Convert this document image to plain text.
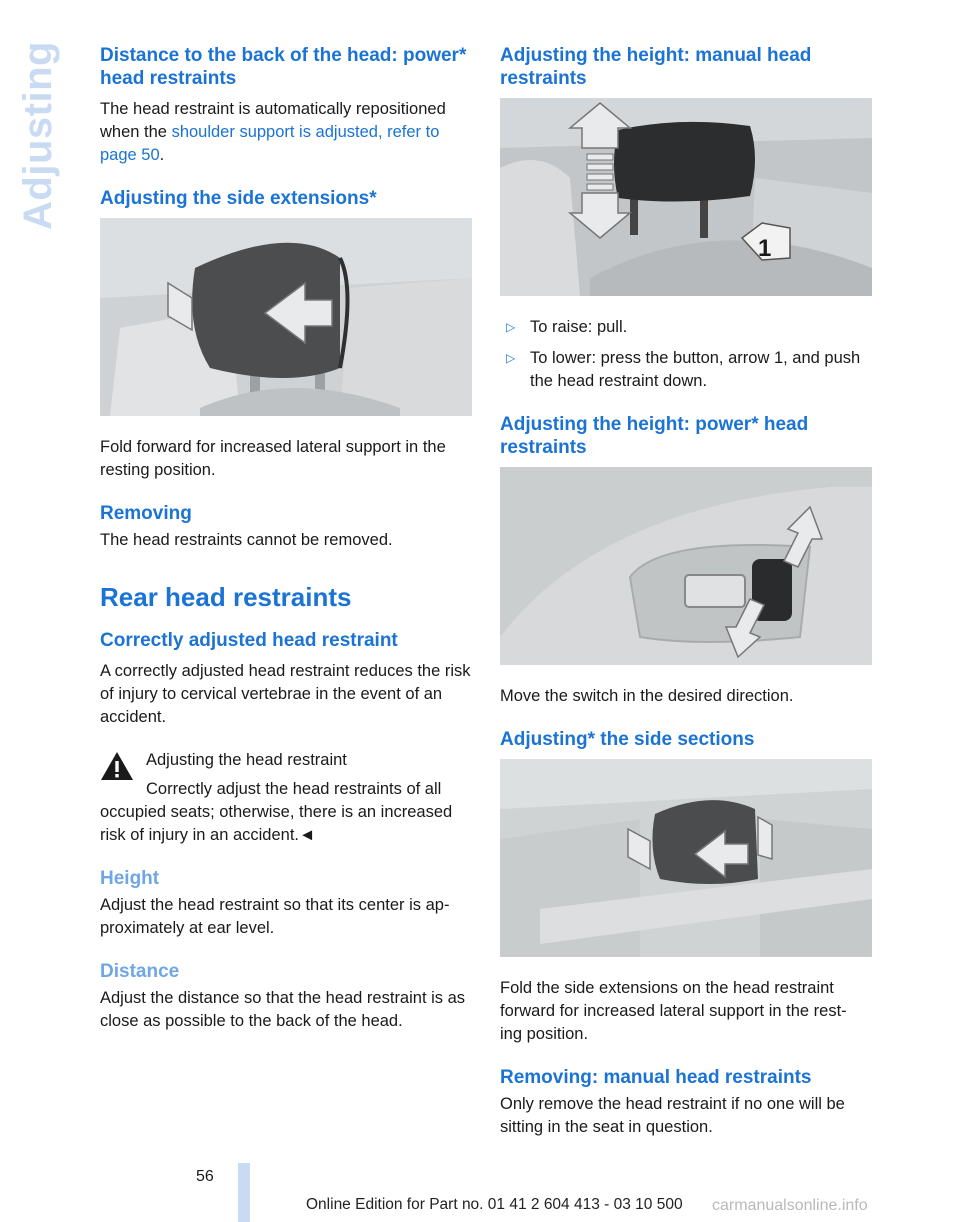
Adjusting Distance to the back of the head: power* head restraints

The head restraint is automatically repositioned when the shoulder support is adjusted, refer to page 50.

Adjusting the side extensions*

Fold forward for increased lateral support in the resting position.

Removing

The head restraints cannot be removed.

Rear head restraints
Correctly adjusted head restraint

A correctly adjusted head restraint reduces the risk of injury to cervical vertebrae in the event of an accident.

Adjusting the head restraint
Correctly adjust the head restraints of all occupied seats; otherwise, there is an increased risk of injury in an accident.◄
Height

Adjust the head restraint so that its center is ap- proximately at ear level.

Distance

Adjust the distance so that the head restraint is as close as possible to the back of the head.

Adjusting the height: manual head restraints
1
▷ To raise: pull.
▷ To lower: press the button, arrow 1, and push the head restraint down.
Adjusting the height: power* head restraints

Move the switch in the desired direction.

Adjusting* the side sections

Fold the side extensions on the head restraint forward for increased lateral support in the rest- ing position.

Removing: manual head restraints

Only remove the head restraint if no one will be sitting in the seat in question.

56
Online Edition for Part no. 01 41 2 604 413 - 03 10 500 carmanualsonline.info
